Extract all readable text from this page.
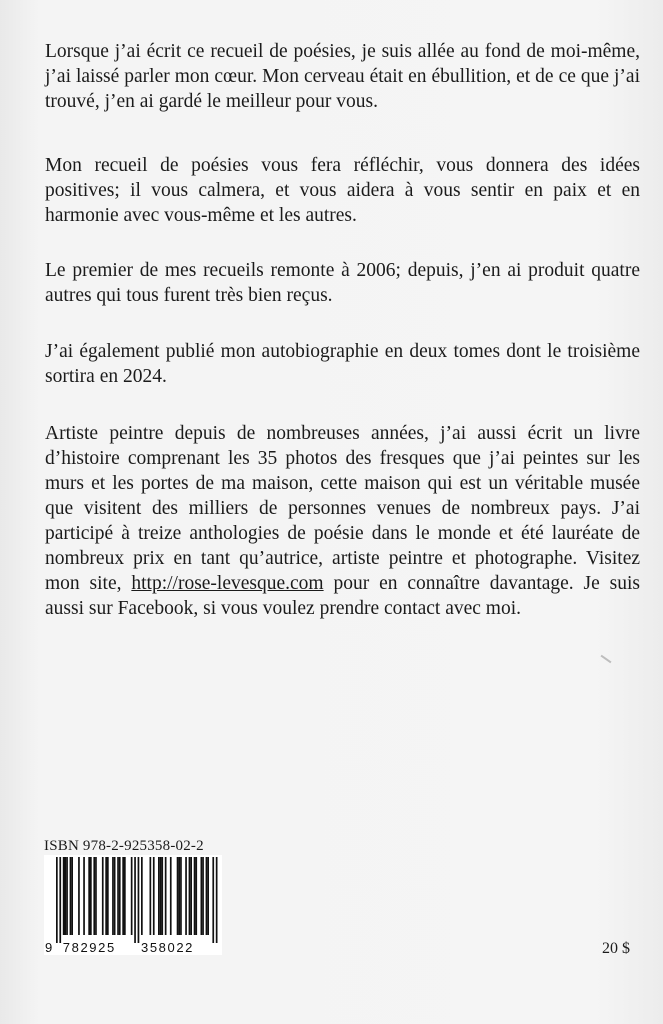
Lorsque j’ai écrit ce recueil de poésies, je suis allée au fond de moi-même, j’ai laissé parler mon cœur. Mon cerveau était en ébullition, et de ce que j’ai trouvé, j’en ai gardé le meilleur pour vous.

Mon recueil de poésies vous fera réfléchir, vous donnera des idées positives; il vous calmera, et vous aidera à vous sentir en paix et en harmonie avec vous-même et les autres.

Le premier de mes recueils remonte à 2006; depuis, j’en ai produit quatre autres qui tous furent très bien reçus.

J’ai également publié mon autobiographie en deux tomes dont le troisième sortira en 2024.

Artiste peintre depuis de nombreuses années, j’ai aussi écrit un livre d’histoire comprenant les 35 photos des fresques que j’ai peintes sur les murs et les portes de ma maison, cette maison qui est un véritable musée que visitent des milliers de personnes venues de nombreux pays. J’ai participé à treize anthologies de poésie dans le monde et été lauréate de nombreux prix en tant qu’autrice, artiste peintre et photographe. Visitez mon site, http://rose-levesque.com pour en connaître davantage. Je suis aussi sur Facebook, si vous voulez prendre contact avec moi.

ISBN 978-2-925358-02-2
9 782925 358022	20 $
